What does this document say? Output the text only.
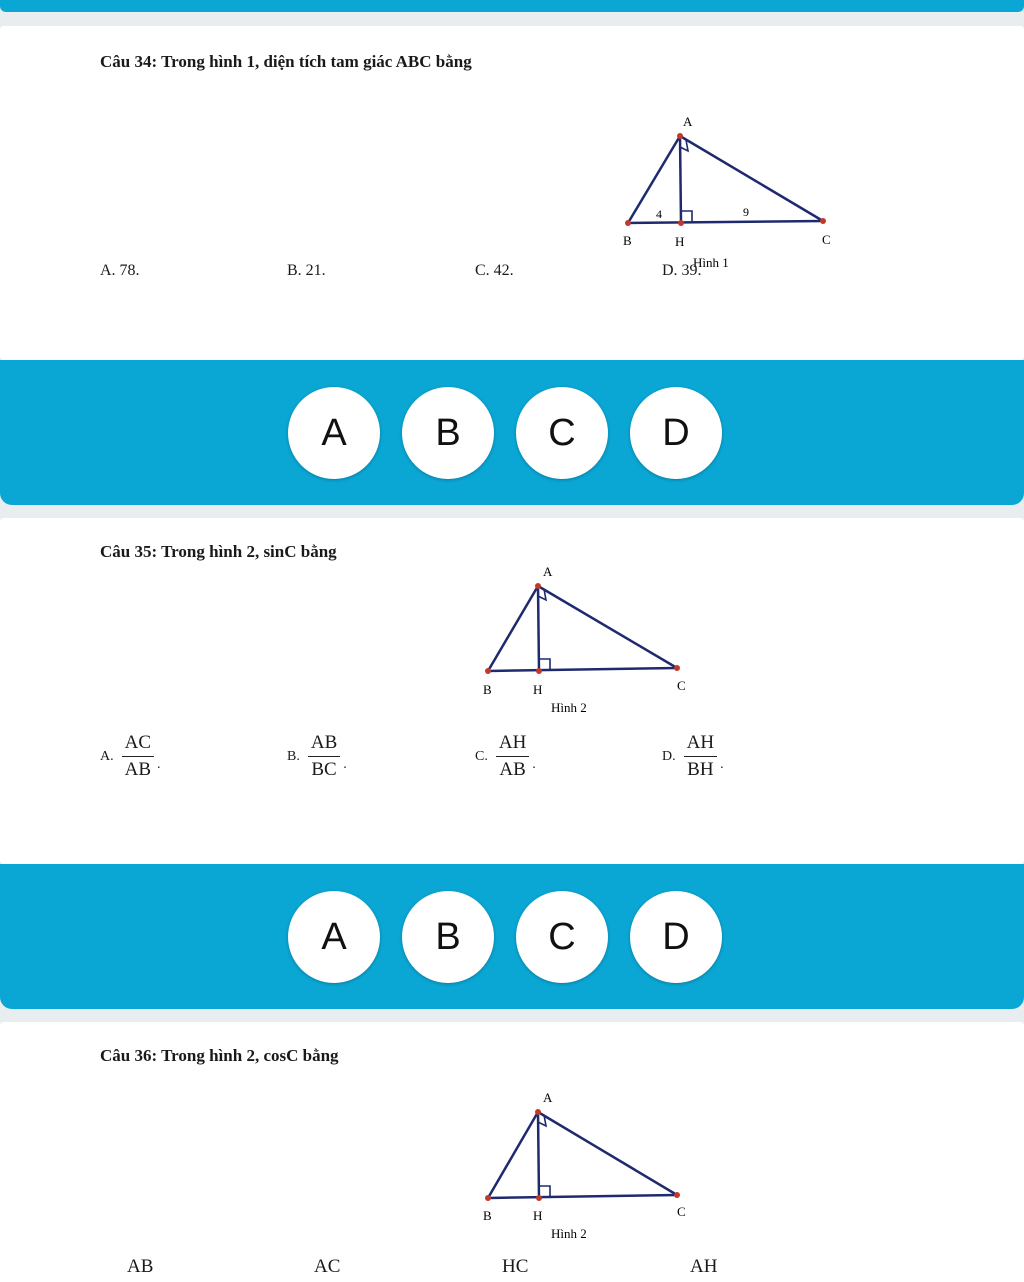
Câu 34: Trong hình 1, diện tích tam giác ABC bằng
A
B	H	C
4	9
Hình 1
A. 78.	B. 21.	C. 42.	D. 39.
A	B	C	D
Câu 35: Trong hình 2, sinC bằng
A
B	H	C
Hình 2
A. $\frac{AC}{AB}$ .
B. $\frac{AB}{BC}$ .
C. $\frac{AH}{AB}$ .
D. $\frac{AH}{BH}$ .
A	B	C	D
Câu 36: Trong hình 2, cosC bằng
A
B	H	C
Hình 2
AB	AC	HC	AH
